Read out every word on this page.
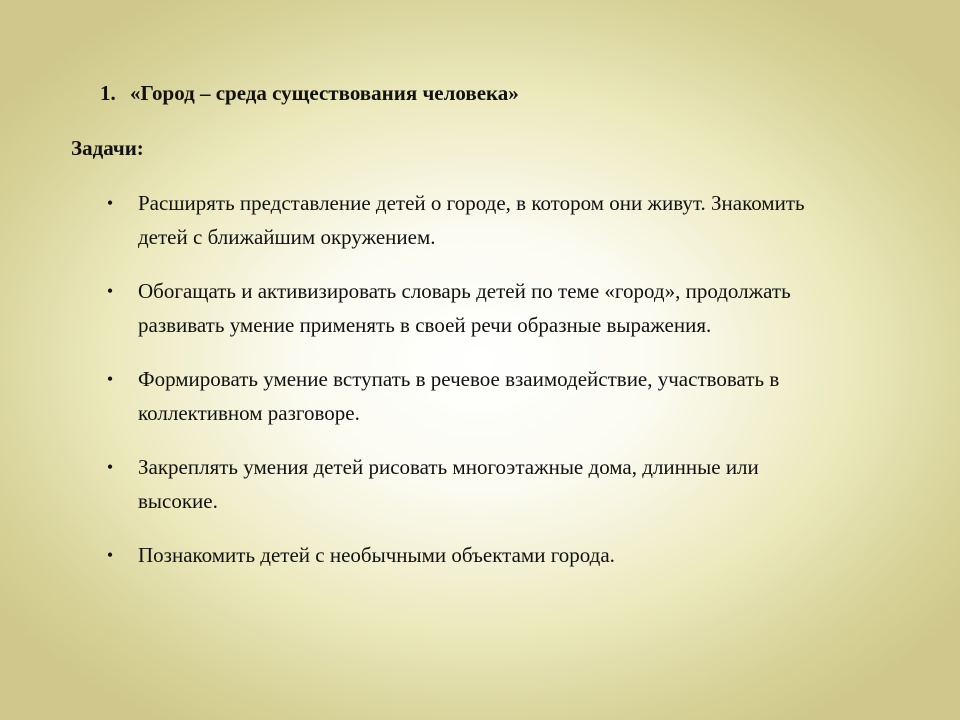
1. «Город – среда существования человека»
Задачи:
•	Расширять представление детей о городе, в котором они живут. Знакомить детей с ближайшим окружением.
•	Обогащать и активизировать словарь детей по теме «город», продолжать развивать умение применять в своей речи образные выражения.
•	Формировать умение вступать в речевое взаимодействие, участвовать в коллективном разговоре.
•	Закреплять умения детей рисовать многоэтажные дома, длинные или высокие.
•	Познакомить детей с необычными объектами города.
